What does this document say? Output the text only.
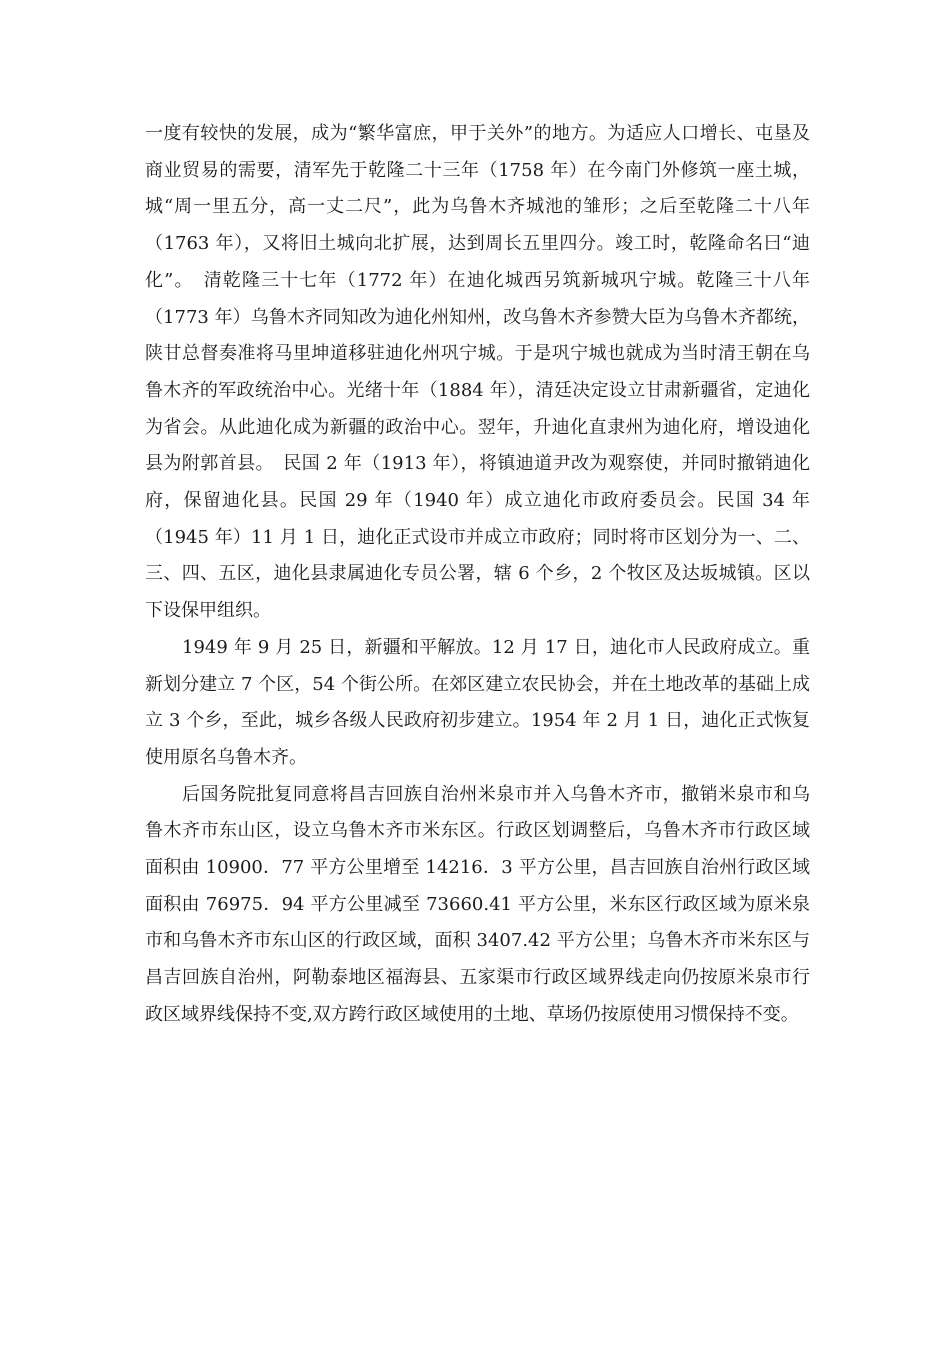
一度有较快的发展，成为“繁华富庶，甲于关外”的地方。为适应人口增长、屯垦及商业贸易的需要，清军先于乾隆二十三年（1758 年）在今南门外修筑一座土城，城“周一里五分，高一丈二尺”，此为乌鲁木齐城池的雏形；之后至乾隆二十八年（1763 年），又将旧土城向北扩展，达到周长五里四分。竣工时，乾隆命名曰“迪化”。　清乾隆三十七年（1772 年）在迪化城西另筑新城巩宁城。乾隆三十八年（1773 年）乌鲁木齐同知改为迪化州知州，改乌鲁木齐参赞大臣为乌鲁木齐都统，陕甘总督奏准将马里坤道移驻迪化州巩宁城。于是巩宁城也就成为当时清王朝在乌鲁木齐的军政统治中心。光绪十年（1884 年），清廷决定设立甘肃新疆省，定迪化为省会。从此迪化成为新疆的政治中心。翌年，升迪化直隶州为迪化府，增设迪化县为附郭首县。　民国 2 年（1913 年），将镇迪道尹改为观察使，并同时撤销迪化府，保留迪化县。民国 29 年（1940 年）成立迪化市政府委员会。民国 34 年（1945 年）11 月 1 日，迪化正式设市并成立市政府；同时将市区划分为一、二、三、四、五区，迪化县隶属迪化专员公署，辖 6 个乡，2 个牧区及达坂城镇。区以下设保甲组织。

1949 年 9 月 25 日，新疆和平解放。12 月 17 日，迪化市人民政府成立。重新划分建立 7 个区，54 个街公所。在郊区建立农民协会，并在土地改革的基础上成立 3 个乡，至此，城乡各级人民政府初步建立。1954 年 2 月 1 日，迪化正式恢复使用原名乌鲁木齐。

后国务院批复同意将昌吉回族自治州米泉市并入乌鲁木齐市，撤销米泉市和乌鲁木齐市东山区，设立乌鲁木齐市米东区。行政区划调整后，乌鲁木齐市行政区域面积由 10900．77 平方公里增至 14216．3 平方公里，昌吉回族自治州行政区域面积由 76975．94 平方公里减至 73660.41 平方公里，米东区行政区域为原米泉市和乌鲁木齐市东山区的行政区域，面积 3407.42 平方公里；乌鲁木齐市米东区与昌吉回族自治州，阿勒泰地区福海县、五家渠市行政区域界线走向仍按原米泉市行政区域界线保持不变,双方跨行政区域使用的土地、草场仍按原使用习惯保持不变。
